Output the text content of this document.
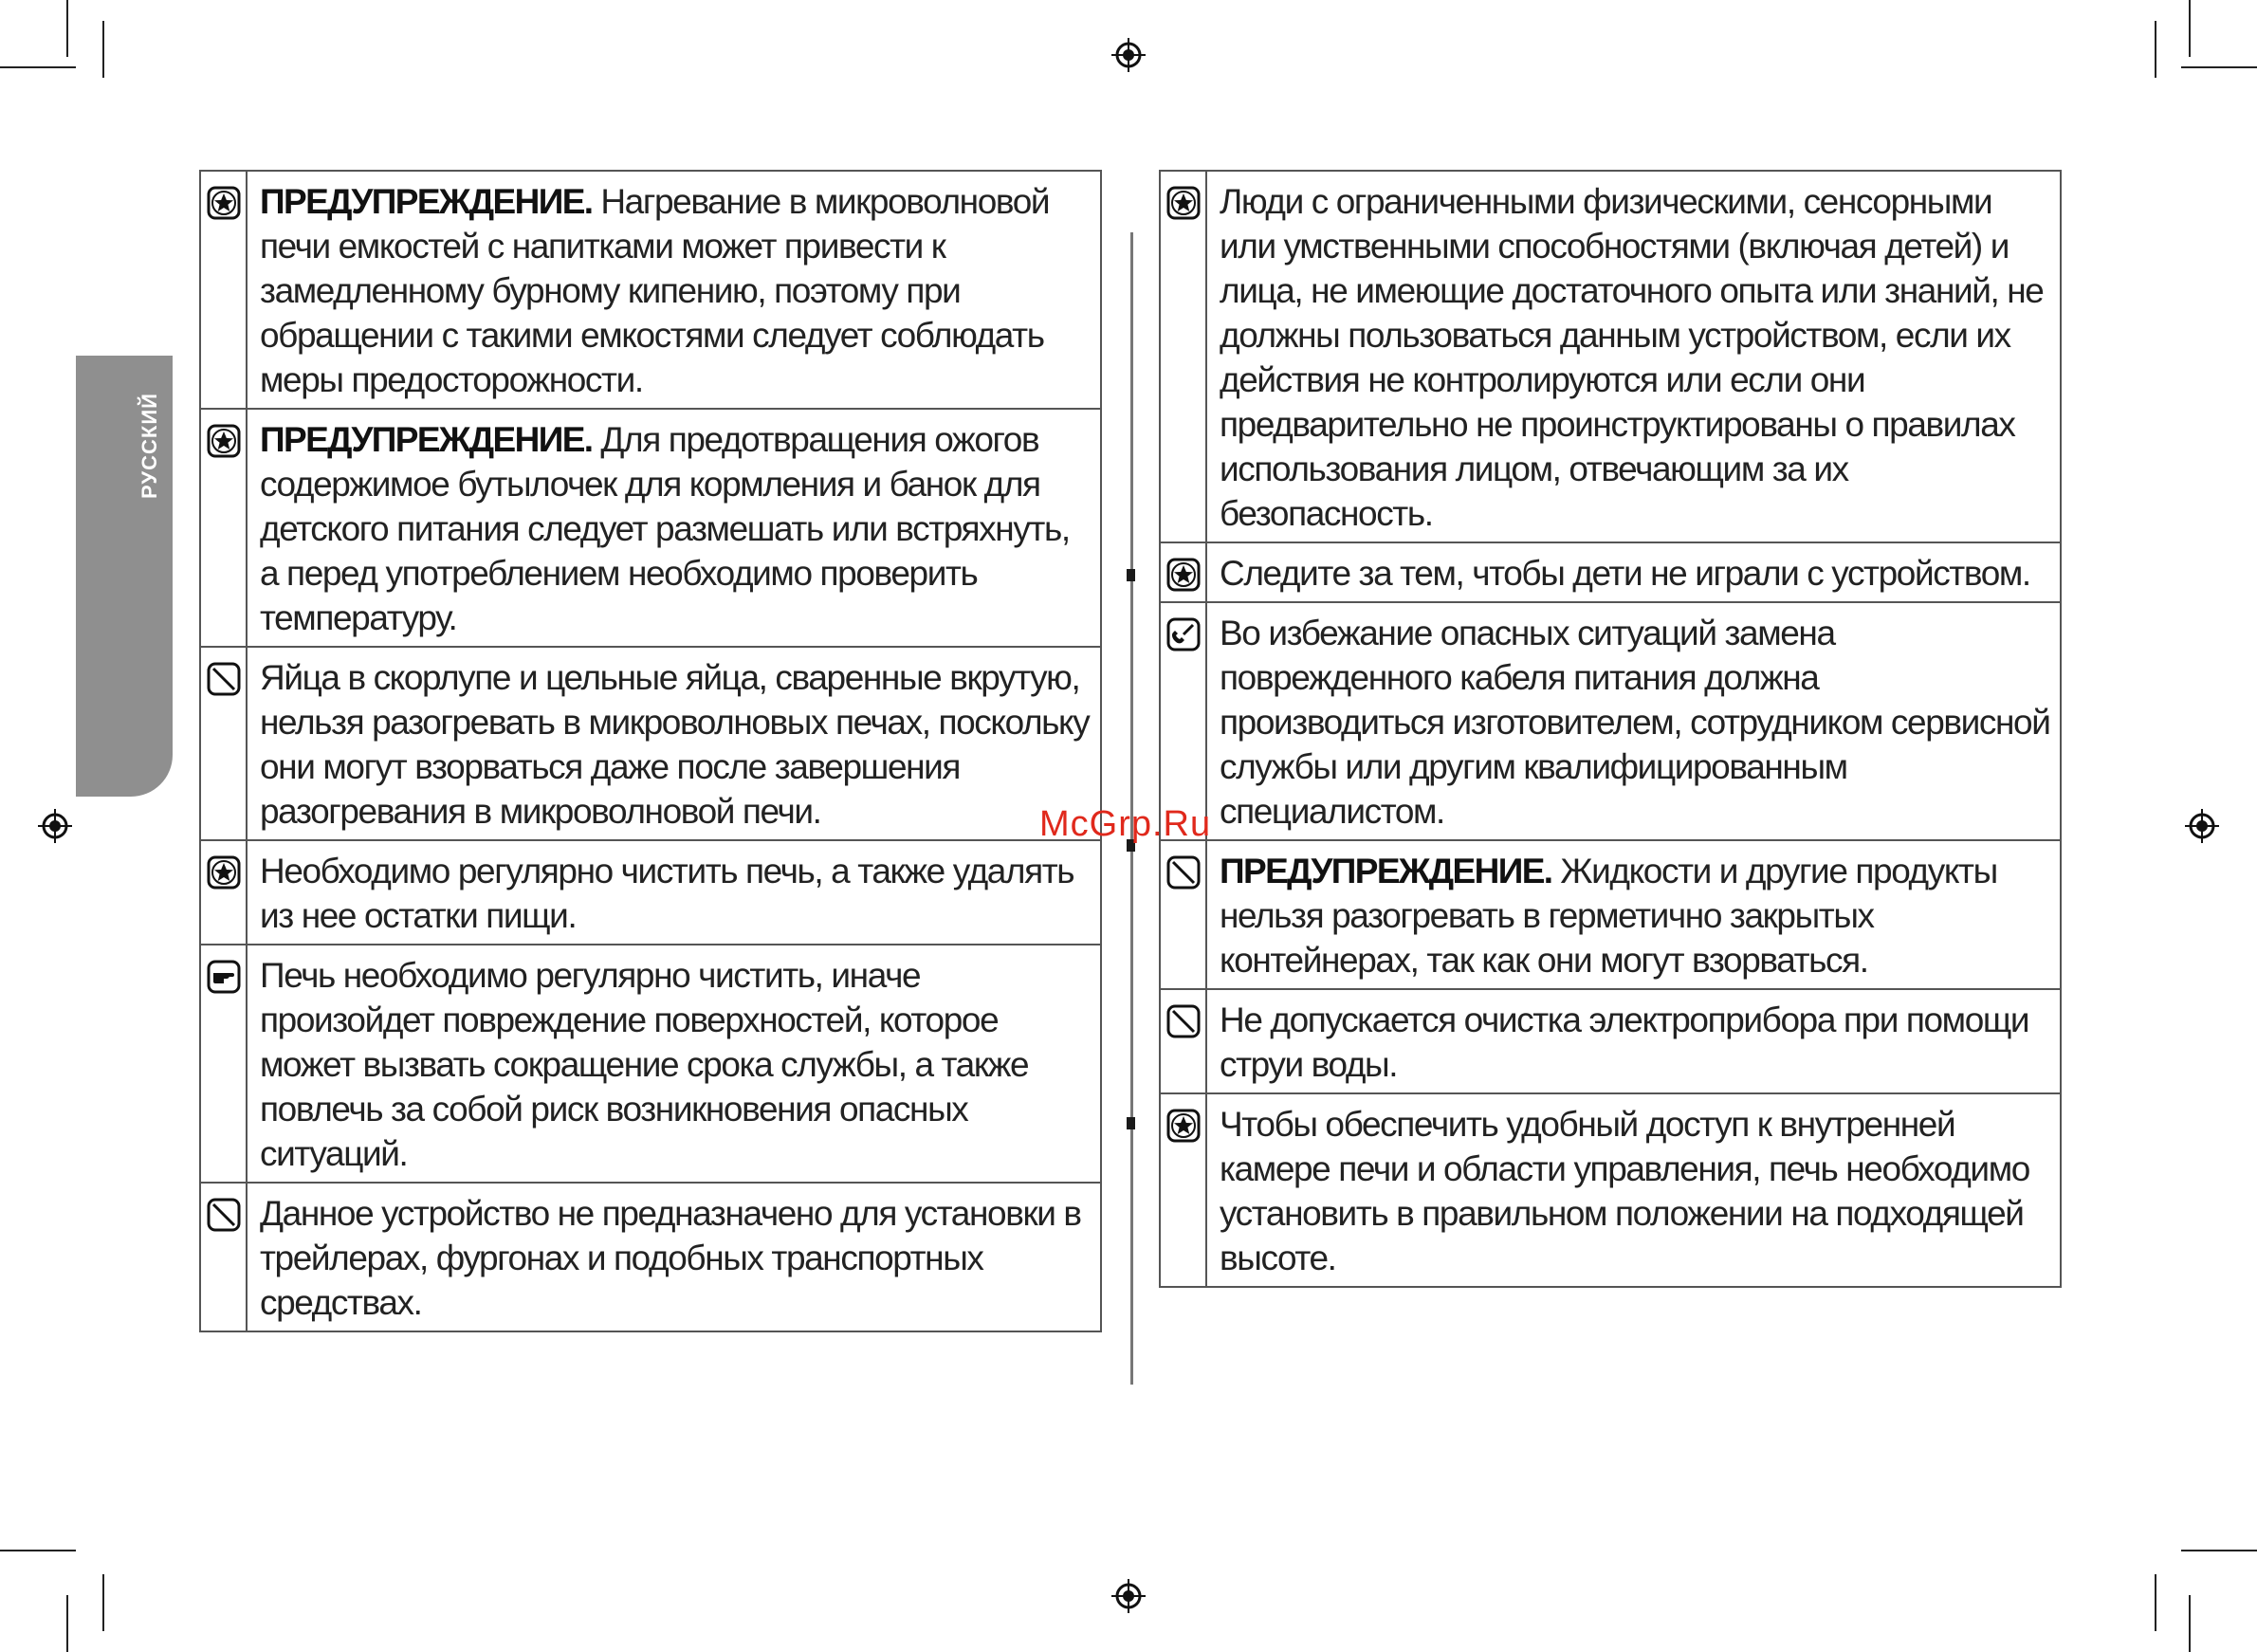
РУССКИЙ
	ПРЕДУПРЕЖДЕНИЕ. Нагревание в микроволновой печи емкостей с напитками может привести к замедленному бурному кипению, поэтому при обращении с такими емкостями следует соблюдать меры предосторожности.
	ПРЕДУПРЕЖДЕНИЕ. Для предотвращения ожогов содержимое бутылочек для кормления и банок для детского питания следует размешать или встряхнуть, а перед употреблением необходимо проверить температуру.
	Яйца в скорлупе и цельные яйца, сваренные вкрутую, нельзя разогревать в микроволновых печах, поскольку они могут взорваться даже после завершения разогревания в микроволновой печи.
	Необходимо регулярно чистить печь, а также удалять из нее остатки пищи.
	Печь необходимо регулярно чистить, иначе произойдет повреждение поверхностей, которое может вызвать сокращение срока службы, а также повлечь за собой риск возникновения опасных ситуаций.
	Данное устройство не предназначено для установки в трейлерах, фургонах и подобных транспортных средствах.
	Люди с ограниченными физическими, сенсорными или умственными способностями (включая детей) и лица, не имеющие достаточного опыта или знаний, не должны пользоваться данным устройством, если их действия не контролируются или если они предварительно не проинструктированы о правилах использования лицом, отвечающим за их безопасность.
	Следите за тем, чтобы дети не играли с устройством.
	Во избежание опасных ситуаций замена поврежденного кабеля питания должна производиться изготовителем, сотрудником сервисной службы или другим квалифицированным специалистом.
	ПРЕДУПРЕЖДЕНИЕ. Жидкости и другие продукты нельзя разогревать в герметично закрытых контейнерах, так как они могут взорваться.
	Не допускается очистка электроприбора при помощи струи воды.
	Чтобы обеспечить удобный доступ к внутренней камере печи и области управления, печь необходимо установить в правильном положении на подходящей высоте.
McGrp.Ru
